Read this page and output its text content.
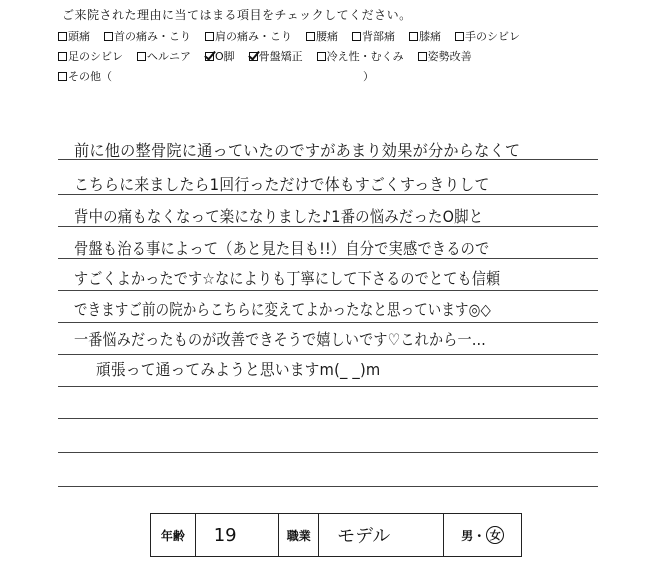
ご来院された理由に当てはまる項目をチェックしてください。
頭痛 首の痛み・こり 肩の痛み・こり 腰痛 背部痛 膝痛 手のシビレ
足のシビレ ヘルニア O脚 骨盤矯正 冷え性・むくみ 姿勢改善
その他（	）
前に他の整骨院に通っていたのですがあまり効果が分からなくて
こちらに来ましたら1回行っただけで体もすごくすっきりして
背中の痛もなくなって楽になりました♪1番の悩みだったO脚と
骨盤も治る事によって（あと見た目も!!）自分で実感できるので
すごくよかったです☆なによりも丁寧にして下さるのでとても信頼
できますご前の院からこちらに変えてよかったなと思っています◎◇
一番悩みだったものが改善できそうで嬉しいです♡これから一…
頑張って通ってみようと思いますm(_ _)m
年齢	19	職業	モデル	男・ 女
